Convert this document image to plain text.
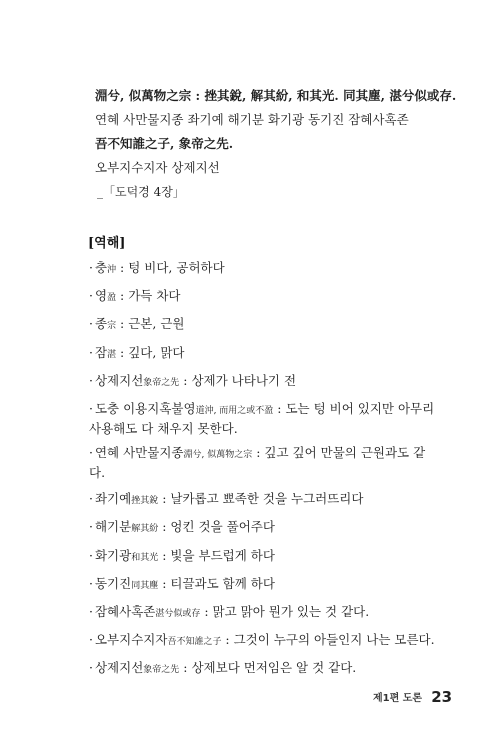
淵兮, 似萬物之宗 : 挫其銳, 解其紛, 和其光. 同其塵, 湛兮似或存.
연혜 사만물지종 좌기예 해기분 화기광 동기진 잠혜사혹존
吾不知誰之子, 象帝之先.
오부지수지자 상제지선
_「도덕경 4장」
[역해]
· 충沖 : 텅 비다, 공허하다
· 영盈 : 가득 차다
· 종宗 : 근본, 근원
· 잠湛 : 깊다, 맑다
· 상제지선象帝之先 : 상제가 나타나기 전
· 도충 이용지혹불영道沖, 而用之或不盈 : 도는 텅 비어 있지만 아무리 사용해도 다 채우지 못한다.
· 연혜 사만물지종淵兮, 似萬物之宗 : 깊고 깊어 만물의 근원과도 같다.
· 좌기예挫其銳 : 날카롭고 뾰족한 것을 누그러뜨리다
· 해기분解其紛 : 엉킨 것을 풀어주다
· 화기광和其光 : 빛을 부드럽게 하다
· 동기진同其塵 : 티끌과도 함께 하다
· 잠혜사혹존湛兮似或存 : 맑고 맑아 뭔가 있는 것 같다.
· 오부지수지자吾不知誰之子 : 그것이 누구의 아들인지 나는 모른다.
· 상제지선象帝之先 : 상제보다 먼저임은 알 것 같다.
제1편 도론 23
